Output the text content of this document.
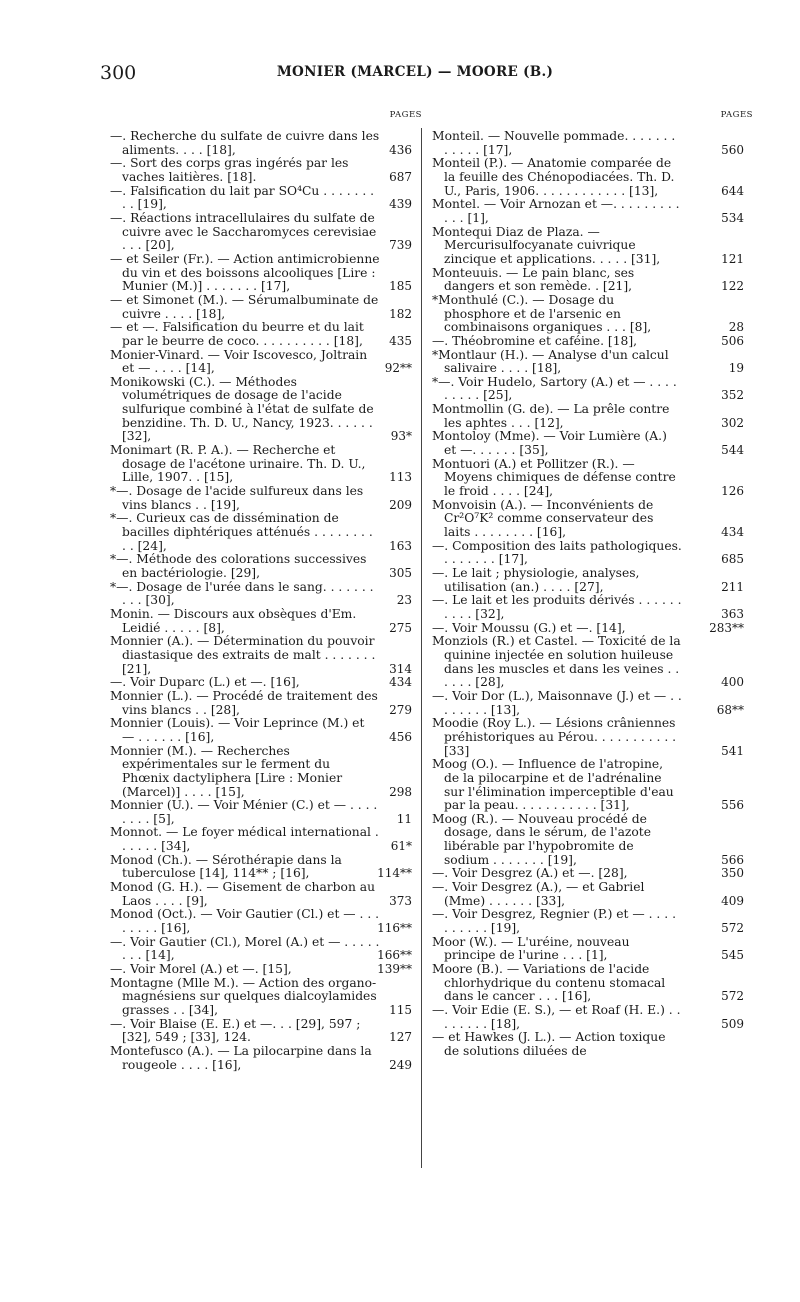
300	MONIER (MARCEL) — MOORE (B.)
PAGES
—. Recherche du sulfate de cuivre dans les aliments. . . . [18],	436
—. Sort des corps gras ingérés par les vaches laitières. [18].	687
—. Falsification du lait par SO⁴Cu . . . . . . . . . [19],	439
—. Réactions intracellulaires du sulfate de cuivre avec le Saccharomyces cerevisiae . . . [20],	739
— et Seiler (Fr.). — Action antimicrobienne du vin et des boissons alcooliques [Lire : Munier (M.)] . . . . . . . [17],	185
— et Simonet (M.). — Sérumalbuminate de cuivre . . . . [18],	182
— et —. Falsification du beurre et du lait par le beurre de coco. . . . . . . . . . [18],	435
Monier-Vinard. — Voir Iscovesco, Joltrain et — . . . . [14],	92**
Monikowski (C.). — Méthodes volumétriques de dosage de l'acide sulfurique combiné à l'état de sulfate de benzidine. Th. D. U., Nancy, 1923. . . . . . [32],	93*
Monimart (R. P. A.). — Recherche et dosage de l'acétone urinaire. Th. D. U., Lille, 1907. . [15],	113
*—. Dosage de l'acide sulfureux dans les vins blancs . . [19],	209
*—. Curieux cas de dissémination de bacilles diphtériques atténués . . . . . . . . . . [24],	163
*—. Méthode des colorations successives en bactériologie. [29],	305
*—. Dosage de l'urée dans le sang. . . . . . . . . . [30],	23
Monin. — Discours aux obsèques d'Em. Leidié . . . . . [8],	275
Monnier (A.). — Détermination du pouvoir diastasique des extraits de malt . . . . . . . [21],	314
—. Voir Duparc (L.) et —. [16],	434
Monnier (L.). — Procédé de traitement des vins blancs . . [28],	279
Monnier (Louis). — Voir Leprince (M.) et — . . . . . . [16],	456
Monnier (M.). — Recherches expérimentales sur le ferment du Phœnix dactyliphera [Lire : Monier (Marcel)] . . . . [15],	298
Monnier (U.). — Voir Ménier (C.) et — . . . . . . . . [5],	11
Monnot. — Le foyer médical international . . . . . . [34],	61*
Monod (Ch.). — Sérothérapie dans la tuberculose [14], 114** ; [16],	114**
Monod (G. H.). — Gisement de charbon au Laos . . . . [9],	373
Monod (Oct.). — Voir Gautier (Cl.) et — . . . . . . . . [16],	116**
—. Voir Gautier (Cl.), Morel (A.) et — . . . . . . . . [14],	166**
—. Voir Morel (A.) et —. [15],	139**
Montagne (Mlle M.). — Action des organo-magnésiens sur quelques dialcoylamides grasses . . [34],	115
—. Voir Blaise (E. E.) et —. . . [29], 597 ; [32], 549 ; [33], 124.	127
Montefusco (A.). — La pilocarpine dans la rougeole . . . . [16],	249
PAGES
Monteil. — Nouvelle pommade. . . . . . . . . . . . [17],	560
Monteil (P.). — Anatomie comparée de la feuille des Chénopodiacées. Th. D. U., Paris, 1906. . . . . . . . . . . . [13],	644
Montel. — Voir Arnozan et —. . . . . . . . . . . . [1],	534
Montequi Diaz de Plaza. — Mercurisulfocyanate cuivrique zincique et applications. . . . . [31],	121
Monteuuis. — Le pain blanc, ses dangers et son remède. . [21],	122
*Monthulé (C.). — Dosage du phosphore et de l'arsenic en combinaisons organiques . . . [8],	28
—. Théobromine et caféine. [18],	506
*Montlaur (H.). — Analyse d'un calcul salivaire . . . . [18],	19
*—. Voir Hudelo, Sartory (A.) et — . . . . . . . . . [25],	352
Montmollin (G. de). — La prêle contre les aphtes . . . [12],	302
Montoloy (Mme). — Voir Lumière (A.) et —. . . . . . [35],	544
Montuori (A.) et Pollitzer (R.). — Moyens chimiques de défense contre le froid . . . . [24],	126
Monvoisin (A.). — Inconvénients de Cr²O⁷K² comme conservateur des laits . . . . . . . . [16],	434
—. Composition des laits pathologiques. . . . . . . . [17],	685
—. Le lait ; physiologie, analyses, utilisation (an.) . . . . [27],	211
—. Le lait et les produits dérivés . . . . . . . . . . [32],	363
—. Voir Moussu (G.) et —. [14],	283**
Monziols (R.) et Castel. — Toxicité de la quinine injectée en solution huileuse dans les muscles et dans les veines . . . . . . [28],	400
—. Voir Dor (L.), Maisonnave (J.) et — . . . . . . . . [13],	68**
Moodie (Roy L.). — Lésions crâniennes préhistoriques au Pérou. . . . . . . . . . . [33]	541
Moog (O.). — Influence de l'atropine, de la pilocarpine et de l'adrénaline sur l'élimination imperceptible d'eau par la peau. . . . . . . . . . . [31],	556
Moog (R.). — Nouveau procédé de dosage, dans le sérum, de l'azote libérable par l'hypobromite de sodium . . . . . . . [19],	566
—. Voir Desgrez (A.) et —. [28],	350
—. Voir Desgrez (A.), — et Gabriel (Mme) . . . . . . [33],	409
—. Voir Desgrez, Regnier (P.) et — . . . . . . . . . . [19],	572
Moor (W.). — L'uréine, nouveau principe de l'urine . . . [1],	545
Moore (B.). — Variations de l'acide chlorhydrique du contenu stomacal dans le cancer . . . [16],	572
—. Voir Edie (E. S.), — et Roaf (H. E.) . . . . . . . . [18],	509
— et Hawkes (J. L.). — Action toxique de solutions diluées de
